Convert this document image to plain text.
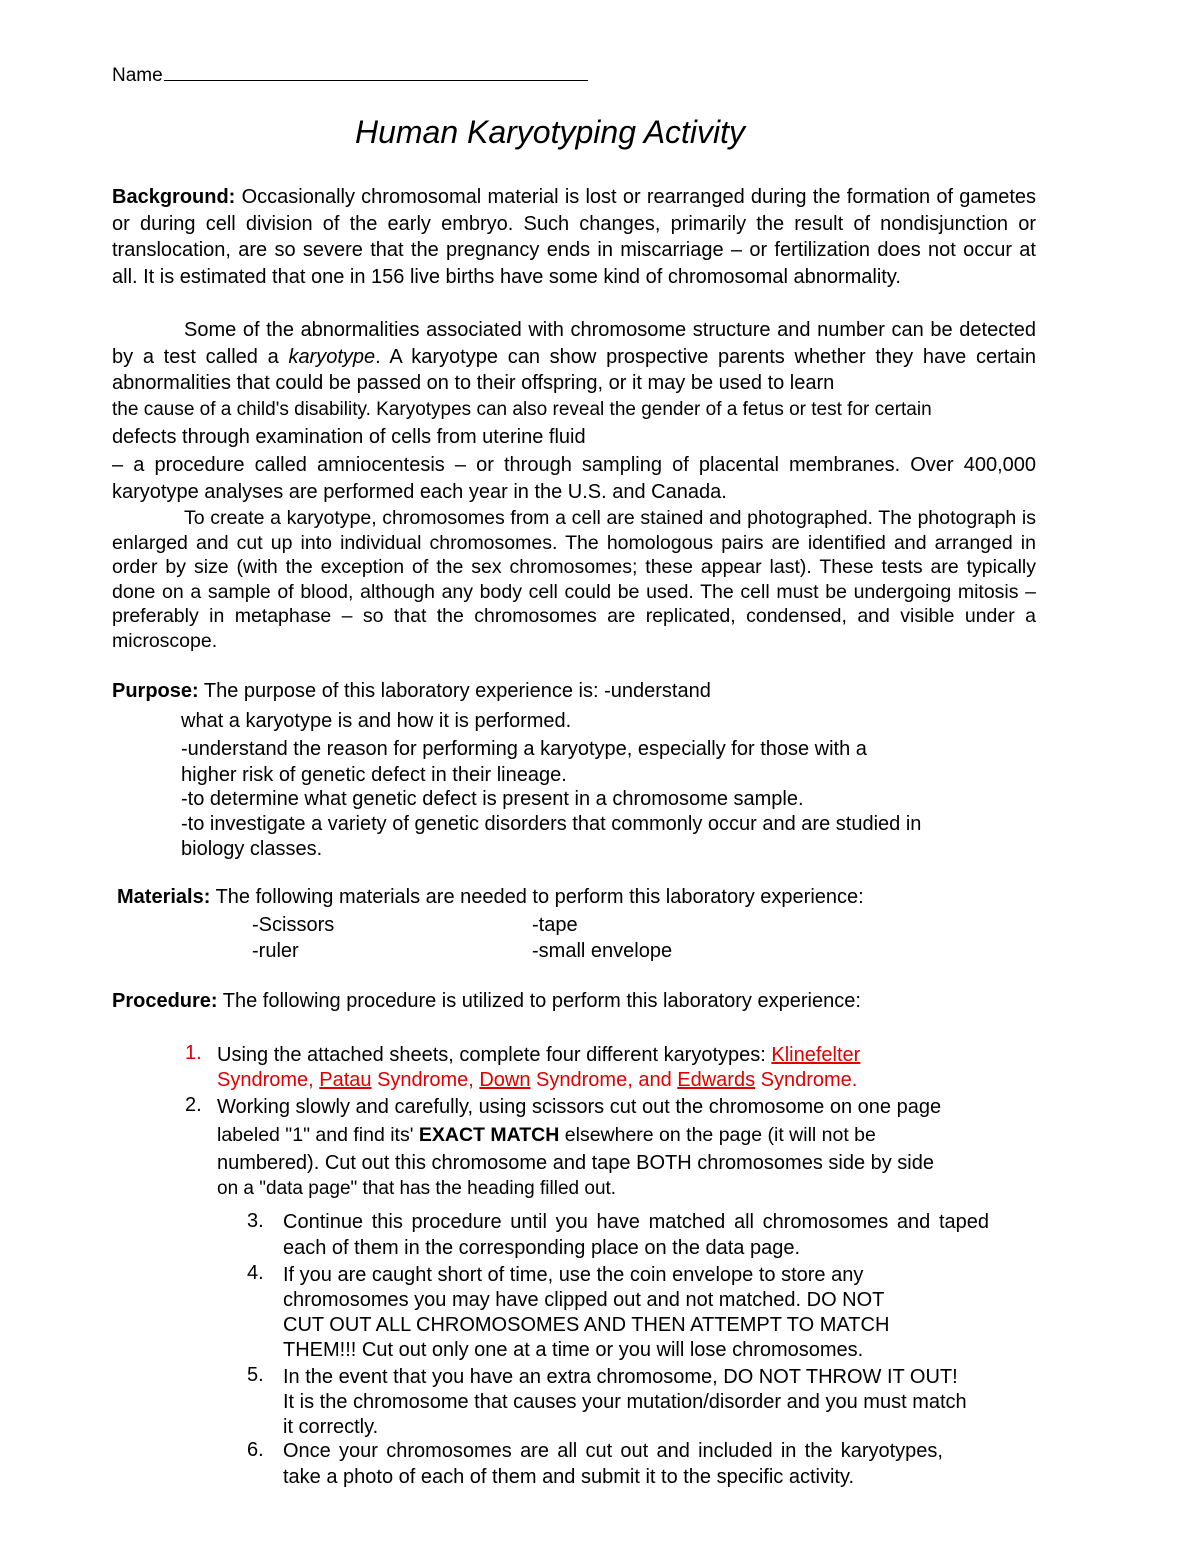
Name
Human Karyotyping Activity
Background: Occasionally chromosomal material is lost or rearranged during the formation of gametes or during cell division of the early embryo. Such changes, primarily the result of nondisjunction or translocation, are so severe that the pregnancy ends in miscarriage – or fertilization does not occur at all. It is estimated that one in 156 live births have some kind of chromosomal abnormality.
Some of the abnormalities associated with chromosome structure and number can be detected by a test called a karyotype. A karyotype can show prospective parents whether they have certain abnormalities that could be passed on to their offspring, or it may be used to learn
the cause of a child's disability. Karyotypes can also reveal the gender of a fetus or test for certain
defects through examination of cells from uterine fluid
– a procedure called amniocentesis – or through sampling of placental membranes. Over 400,000 karyotype analyses are performed each year in the U.S. and Canada.
To create a karyotype, chromosomes from a cell are stained and photographed. The photograph is enlarged and cut up into individual chromosomes. The homologous pairs are identified and arranged in order by size (with the exception of the sex chromosomes; these appear last). These tests are typically done on a sample of blood, although any body cell could be used. The cell must be undergoing mitosis – preferably in metaphase – so that the chromosomes are replicated, condensed, and visible under a microscope.
Purpose: The purpose of this laboratory experience is: -understand
what a karyotype is and how it is performed.
-understand the reason for performing a karyotype, especially for those with a
higher risk of genetic defect in their lineage.
-to determine what genetic defect is present in a chromosome sample.
-to investigate a variety of genetic disorders that commonly occur and are studied in
biology classes.
Materials: The following materials are needed to perform this laboratory experience:
-Scissors	-tape
-ruler	-small envelope
Procedure: The following procedure is utilized to perform this laboratory experience:
1. Using the attached sheets, complete four different karyotypes: Klinefelter
Syndrome, Patau Syndrome, Down Syndrome, and Edwards Syndrome.
2. Working slowly and carefully, using scissors cut out the chromosome on one page
labeled "1" and find its' EXACT MATCH elsewhere on the page (it will not be
numbered). Cut out this chromosome and tape BOTH chromosomes side by side
on a "data page" that has the heading filled out.
3. Continue this procedure until you have matched all chromosomes and taped each of them in the corresponding place on the data page.
4. If you are caught short of time, use the coin envelope to store any
chromosomes you may have clipped out and not matched. DO NOT
CUT OUT ALL CHROMOSOMES AND THEN ATTEMPT TO MATCH
THEM!!! Cut out only one at a time or you will lose chromosomes.
5. In the event that you have an extra chromosome, DO NOT THROW IT OUT!
It is the chromosome that causes your mutation/disorder and you must match
it correctly.
6. Once your chromosomes are all cut out and included in the karyotypes, take a photo of each of them and submit it to the specific activity.
